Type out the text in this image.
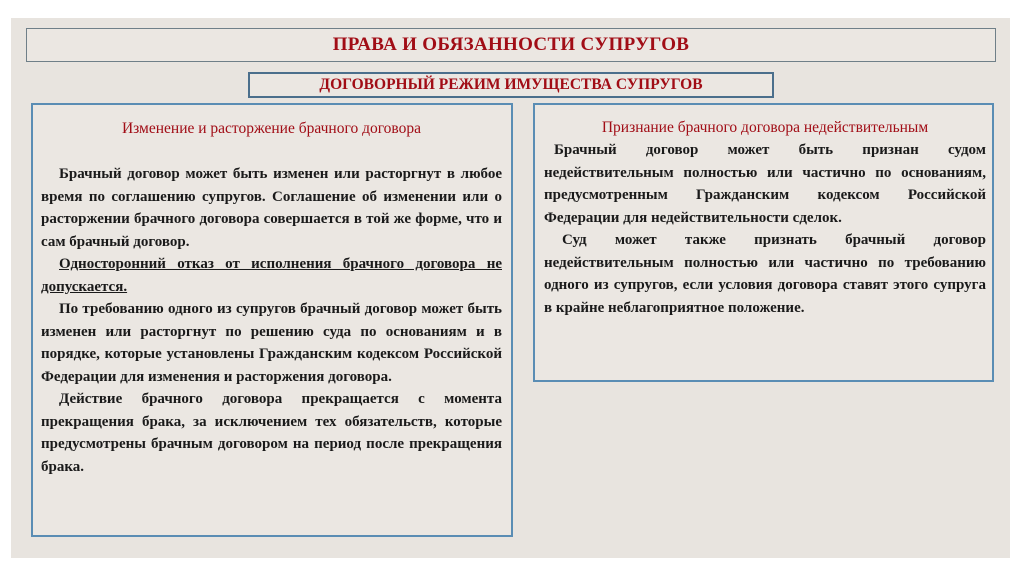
ПРАВА И ОБЯЗАННОСТИ СУПРУГОВ
ДОГОВОРНЫЙ РЕЖИМ ИМУЩЕСТВА СУПРУГОВ
Изменение и расторжение брачного договора

Брачный договор может быть изменен или расторгнут в любое время по соглашению супругов. Соглашение об изменении или о расторжении брачного договора совершается в той же форме, что и сам брачный договор.

Односторонний отказ от исполнения брачного договора не допускается.

По требованию одного из супругов брачный договор может быть изменен или расторгнут по решению суда по основаниям и в порядке, которые установлены Гражданским кодексом Российской Федерации для изменения и расторжения договора.

Действие брачного договора прекращается с момента прекращения брака, за исключением тех обязательств, которые предусмотрены брачным договором на период после прекращения брака.

Признание брачного договора недействительным

Брачный договор может быть признан судом недействительным полностью или частично по основаниям, предусмотренным Гражданским кодексом Российской Федерации для недействительности сделок.

Суд может также признать брачный договор недействительным полностью или частично по требованию одного из супругов, если условия договора ставят этого супруга в крайне неблагоприятное положение.
